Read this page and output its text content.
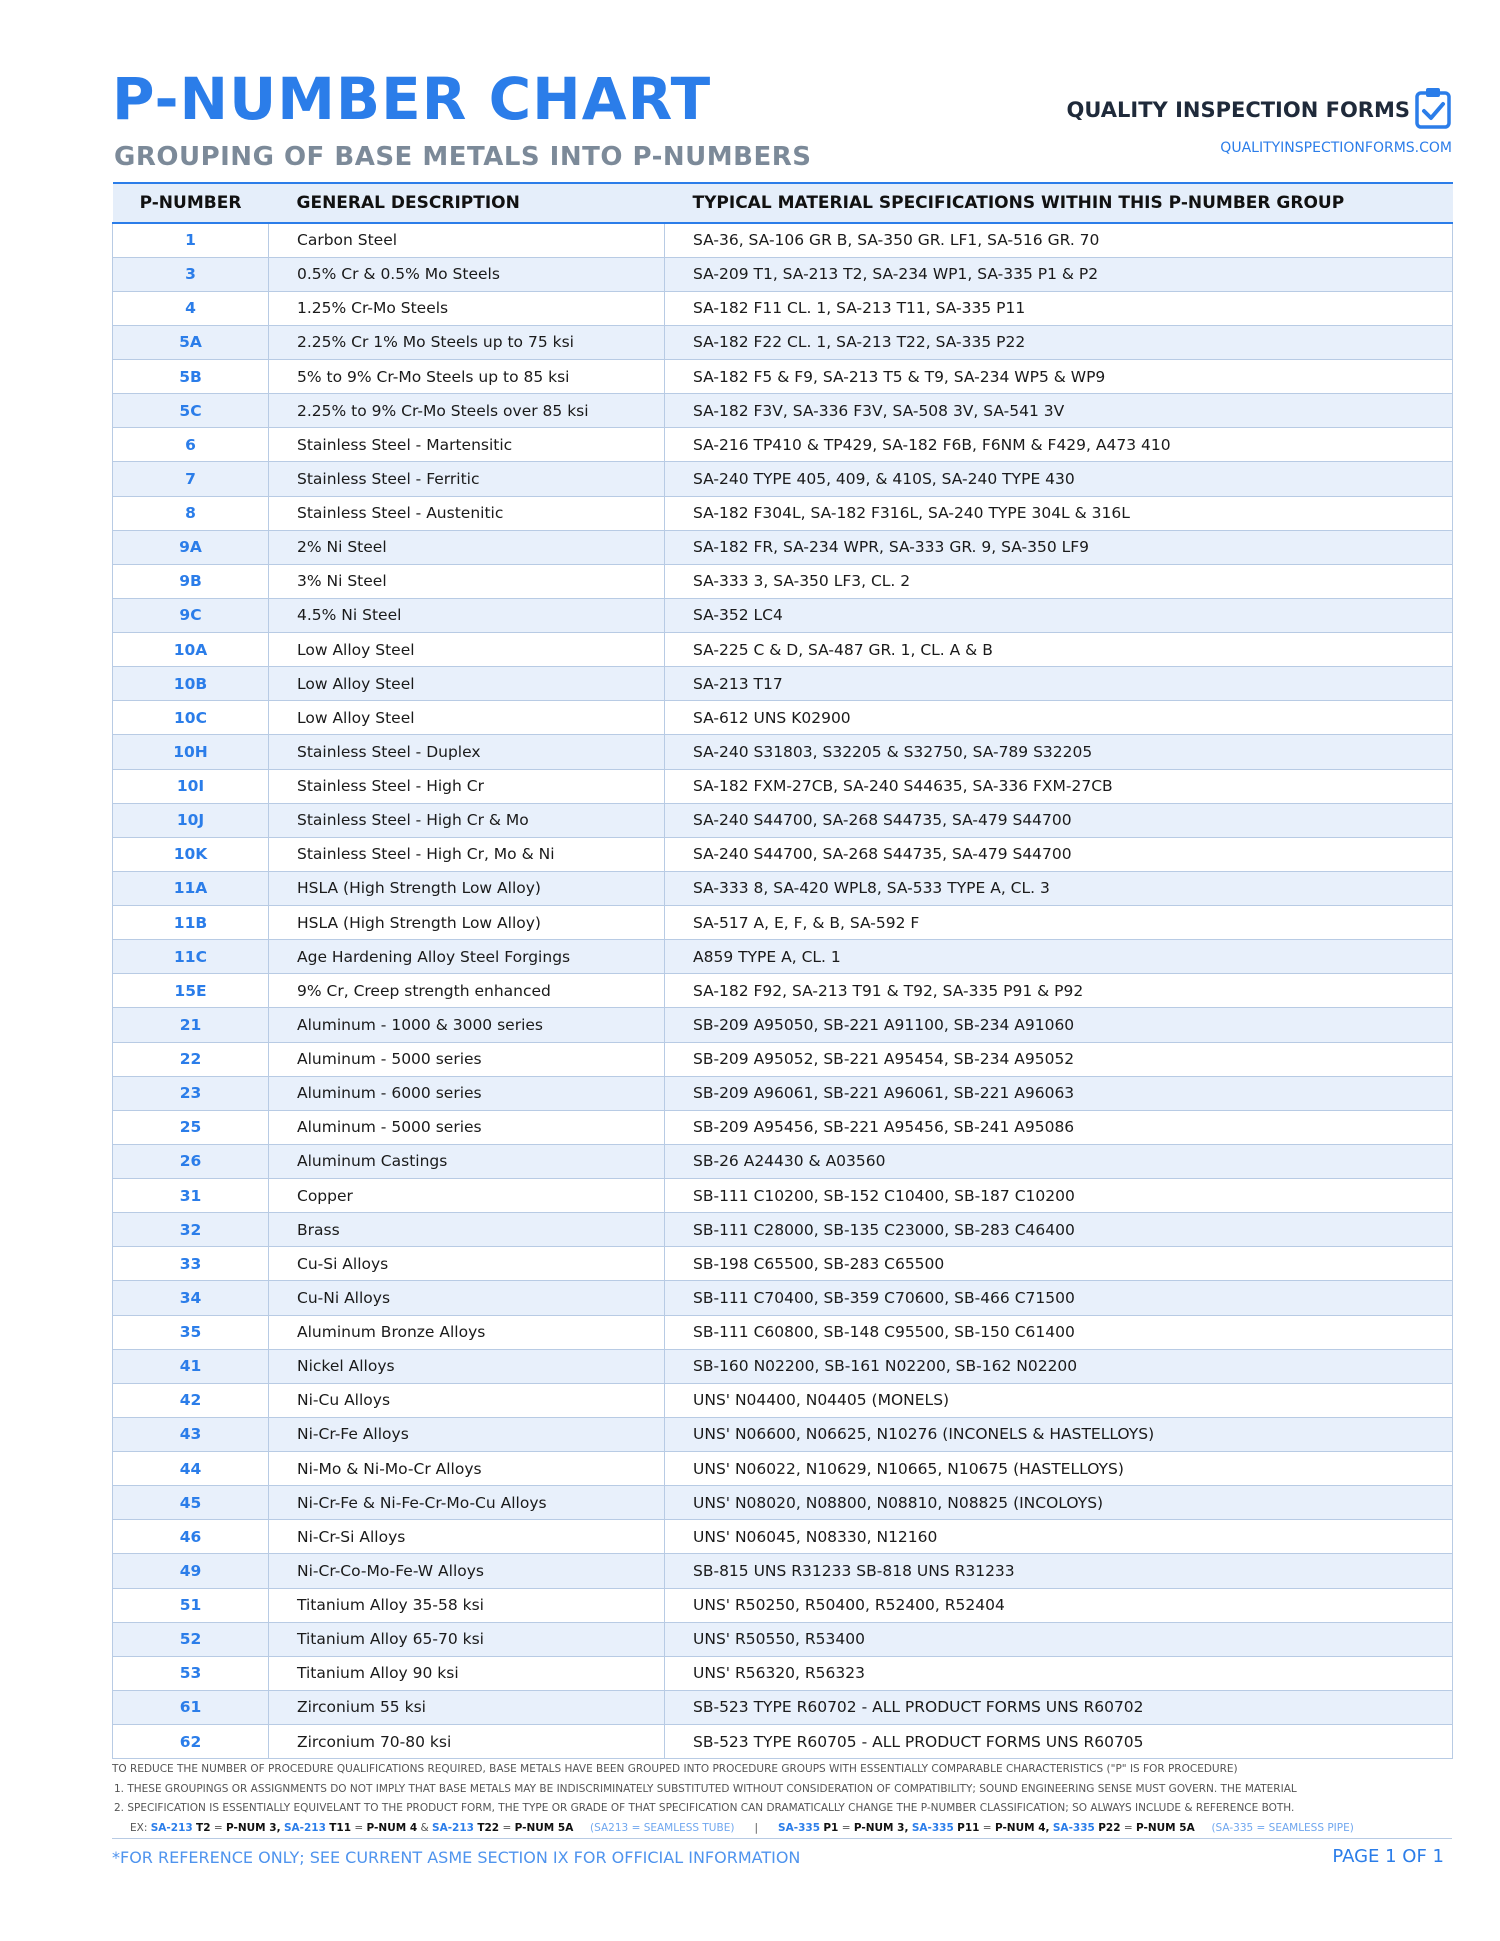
P-NUMBER CHART
GROUPING OF BASE METALS INTO P-NUMBERS
QUALITY INSPECTION FORMS
QUALITYINSPECTIONFORMS.COM
P-NUMBER	GENERAL DESCRIPTION	TYPICAL MATERIAL SPECIFICATIONS WITHIN THIS P-NUMBER GROUP
1	Carbon Steel	SA-36, SA-106 GR B, SA-350 GR. LF1, SA-516 GR. 70
3	0.5% Cr & 0.5% Mo Steels	SA-209 T1, SA-213 T2, SA-234 WP1, SA-335 P1 & P2
4	1.25% Cr-Mo Steels	SA-182 F11 CL. 1, SA-213 T11, SA-335 P11
5A	2.25% Cr 1% Mo Steels up to 75 ksi	SA-182 F22 CL. 1, SA-213 T22, SA-335 P22
5B	5% to 9% Cr-Mo Steels up to 85 ksi	SA-182 F5 & F9, SA-213 T5 & T9, SA-234 WP5 & WP9
5C	2.25% to 9% Cr-Mo Steels over 85 ksi	SA-182 F3V, SA-336 F3V, SA-508 3V, SA-541 3V
6	Stainless Steel - Martensitic	SA-216 TP410 & TP429, SA-182 F6B, F6NM & F429, A473 410
7	Stainless Steel - Ferritic	SA-240 TYPE 405, 409, & 410S, SA-240 TYPE 430
8	Stainless Steel - Austenitic	SA-182 F304L, SA-182 F316L, SA-240 TYPE 304L & 316L
9A	2% Ni Steel	SA-182 FR, SA-234 WPR, SA-333 GR. 9, SA-350 LF9
9B	3% Ni Steel	SA-333 3, SA-350 LF3, CL. 2
9C	4.5% Ni Steel	SA-352 LC4
10A	Low Alloy Steel	SA-225 C & D, SA-487 GR. 1, CL. A & B
10B	Low Alloy Steel	SA-213 T17
10C	Low Alloy Steel	SA-612 UNS K02900
10H	Stainless Steel - Duplex	SA-240 S31803, S32205 & S32750, SA-789 S32205
10I	Stainless Steel - High Cr	SA-182 FXM-27CB, SA-240 S44635, SA-336 FXM-27CB
10J	Stainless Steel - High Cr & Mo	SA-240 S44700, SA-268 S44735, SA-479 S44700
10K	Stainless Steel - High Cr, Mo & Ni	SA-240 S44700, SA-268 S44735, SA-479 S44700
11A	HSLA (High Strength Low Alloy)	SA-333 8, SA-420 WPL8, SA-533 TYPE A, CL. 3
11B	HSLA (High Strength Low Alloy)	SA-517 A, E, F, & B, SA-592 F
11C	Age Hardening Alloy Steel Forgings	A859 TYPE A, CL. 1
15E	9% Cr, Creep strength enhanced	SA-182 F92, SA-213 T91 & T92, SA-335 P91 & P92
21	Aluminum - 1000 & 3000 series	SB-209 A95050, SB-221 A91100, SB-234 A91060
22	Aluminum - 5000 series	SB-209 A95052, SB-221 A95454, SB-234 A95052
23	Aluminum - 6000 series	SB-209 A96061, SB-221 A96061, SB-221 A96063
25	Aluminum - 5000 series	SB-209 A95456, SB-221 A95456, SB-241 A95086
26	Aluminum Castings	SB-26 A24430 & A03560
31	Copper	SB-111 C10200, SB-152 C10400, SB-187 C10200
32	Brass	SB-111 C28000, SB-135 C23000, SB-283 C46400
33	Cu-Si Alloys	SB-198 C65500, SB-283 C65500
34	Cu-Ni Alloys	SB-111 C70400, SB-359 C70600, SB-466 C71500
35	Aluminum Bronze Alloys	SB-111 C60800, SB-148 C95500, SB-150 C61400
41	Nickel Alloys	SB-160 N02200, SB-161 N02200, SB-162 N02200
42	Ni-Cu Alloys	UNS' N04400, N04405 (MONELS)
43	Ni-Cr-Fe Alloys	UNS' N06600, N06625, N10276 (INCONELS & HASTELLOYS)
44	Ni-Mo & Ni-Mo-Cr Alloys	UNS' N06022, N10629, N10665, N10675 (HASTELLOYS)
45	Ni-Cr-Fe & Ni-Fe-Cr-Mo-Cu Alloys	UNS' N08020, N08800, N08810, N08825 (INCOLOYS)
46	Ni-Cr-Si Alloys	UNS' N06045, N08330, N12160
49	Ni-Cr-Co-Mo-Fe-W Alloys	SB-815 UNS R31233 SB-818 UNS R31233
51	Titanium Alloy 35-58 ksi	UNS' R50250, R50400, R52400, R52404
52	Titanium Alloy 65-70 ksi	UNS' R50550, R53400
53	Titanium Alloy 90 ksi	UNS' R56320, R56323
61	Zirconium 55 ksi	SB-523 TYPE R60702 - ALL PRODUCT FORMS UNS R60702
62	Zirconium 70-80 ksi	SB-523 TYPE R60705 - ALL PRODUCT FORMS UNS R60705
TO REDUCE THE NUMBER OF PROCEDURE QUALIFICATIONS REQUIRED, BASE METALS HAVE BEEN GROUPED INTO PROCEDURE GROUPS WITH ESSENTIALLY COMPARABLE CHARACTERISTICS ("P" IS FOR PROCEDURE)
1. THESE GROUPINGS OR ASSIGNMENTS DO NOT IMPLY THAT BASE METALS MAY BE INDISCRIMINATELY SUBSTITUTED WITHOUT CONSIDERATION OF COMPATIBILITY; SOUND ENGINEERING SENSE MUST GOVERN. THE MATERIAL
2. SPECIFICATION IS ESSENTIALLY EQUIVELANT TO THE PRODUCT FORM, THE TYPE OR GRADE OF THAT SPECIFICATION CAN DRAMATICALLY CHANGE THE P-NUMBER CLASSIFICATION; SO ALWAYS INCLUDE & REFERENCE BOTH.
EX: SA-213 T2 = P-NUM 3, SA-213 T11 = P-NUM 4 & SA-213 T22 = P-NUM 5A (SA213 = SEAMLESS TUBE) | SA-335 P1 = P-NUM 3, SA-335 P11 = P-NUM 4, SA-335 P22 = P-NUM 5A (SA-335 = SEAMLESS PIPE)
*FOR REFERENCE ONLY; SEE CURRENT ASME SECTION IX FOR OFFICIAL INFORMATION	PAGE 1 OF 1
